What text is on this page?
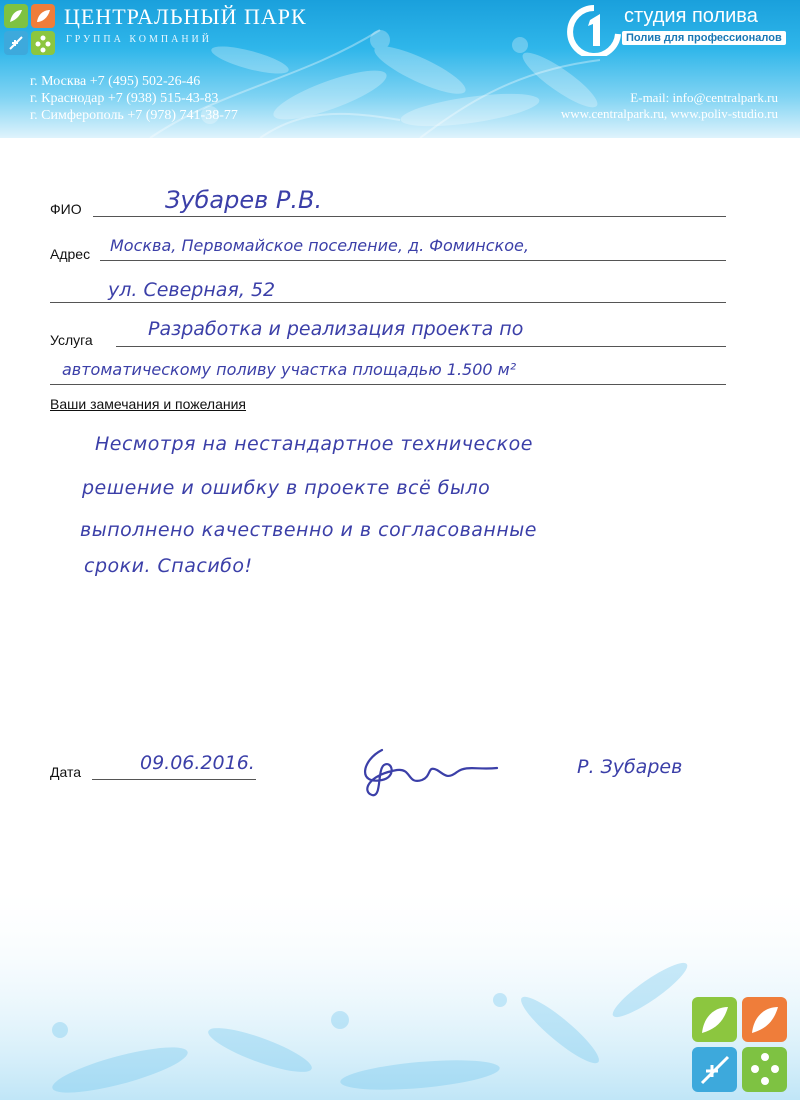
ЦЕНТРАЛЬНЫЙ ПАРК
ГРУППА КОМПАНИЙ
студия полива
Полив для профессионалов
г. Москва +7 (495) 502-26-46
г. Краснодар +7 (938) 515-43-83
г. Симферополь +7 (978) 741-38-77
E-mail: info@centralpark.ru
www.centralpark.ru, www.poliv-studio.ru
ФИО	Зубарев Р.В.
Адрес Москва, Первомайское поселение, д. Фоминское,
ул. Северная, 52
Услуга	Разработка и реализация проекта по
автоматическому поливу участка площадью 1.500 м²
Ваши замечания и пожелания
Несмотря на нестандартное техническое
решение и ошибку в проекте всё было
выполнено качественно и в согласованные
сроки. Спасибо!
Дата	09.06.2016.	Р. Зубарев
